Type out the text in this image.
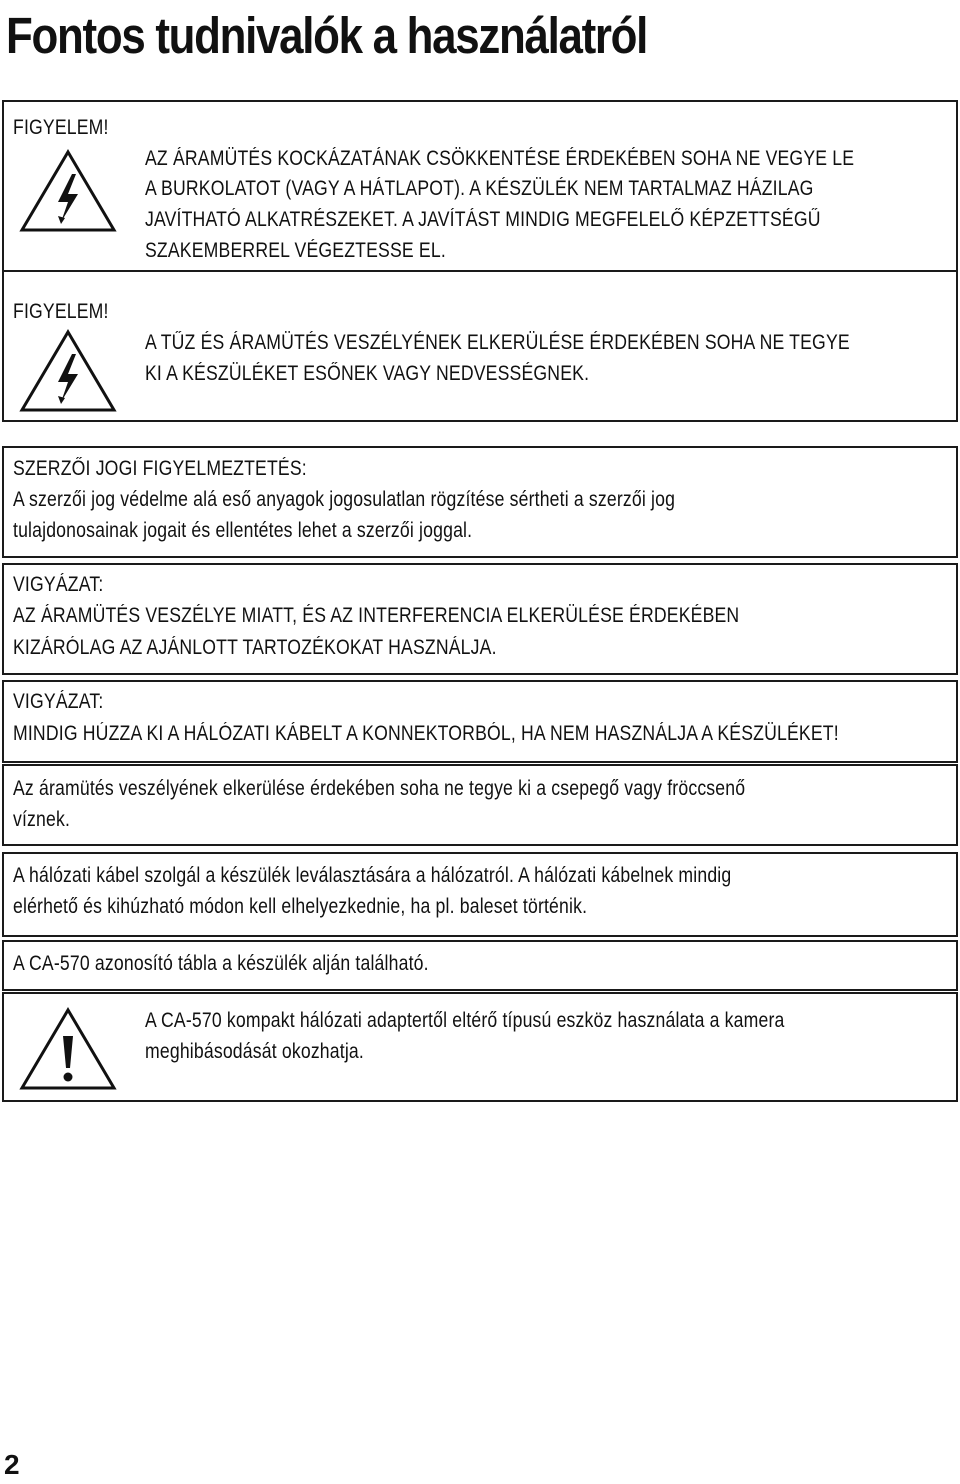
Fontos tudnivalók a használatról
FIGYELEM!
AZ ÁRAMÜTÉS KOCKÁZATÁNAK CSÖKKENTÉSE ÉRDEKÉBEN SOHA NE VEGYE LE
A BURKOLATOT (VAGY A HÁTLAPOT). A KÉSZÜLÉK NEM TARTALMAZ HÁZILAG
JAVÍTHATÓ ALKATRÉSZEKET. A JAVÍTÁST MINDIG MEGFELELŐ KÉPZETTSÉGŰ
SZAKEMBERREL VÉGEZTESSE EL.
FIGYELEM!
A TŰZ ÉS ÁRAMÜTÉS VESZÉLYÉNEK ELKERÜLÉSE ÉRDEKÉBEN SOHA NE TEGYE
KI A KÉSZÜLÉKET ESŐNEK VAGY NEDVESSÉGNEK.
SZERZŐI JOGI FIGYELMEZTETÉS:
A szerzői jog védelme alá eső anyagok jogosulatlan rögzítése sértheti a szerzői jog
tulajdonosainak jogait és ellentétes lehet a szerzői joggal.
VIGYÁZAT:
AZ ÁRAMÜTÉS VESZÉLYE MIATT, ÉS AZ INTERFERENCIA ELKERÜLÉSE ÉRDEKÉBEN
KIZÁRÓLAG AZ AJÁNLOTT TARTOZÉKOKAT HASZNÁLJA.
VIGYÁZAT:
MINDIG HÚZZA KI A HÁLÓZATI KÁBELT A KONNEKTORBÓL, HA NEM HASZNÁLJA A KÉSZÜLÉKET!
Az áramütés veszélyének elkerülése érdekében soha ne tegye ki a csepegő vagy fröccsenő
víznek.
A hálózati kábel szolgál a készülék leválasztására a hálózatról. A hálózati kábelnek mindig
elérhető és kihúzható módon kell elhelyezkednie, ha pl. baleset történik.
A CA-570 azonosító tábla a készülék alján található.
A CA-570 kompakt hálózati adaptertől eltérő típusú eszköz használata a kamera
meghibásodását okozhatja.
2
